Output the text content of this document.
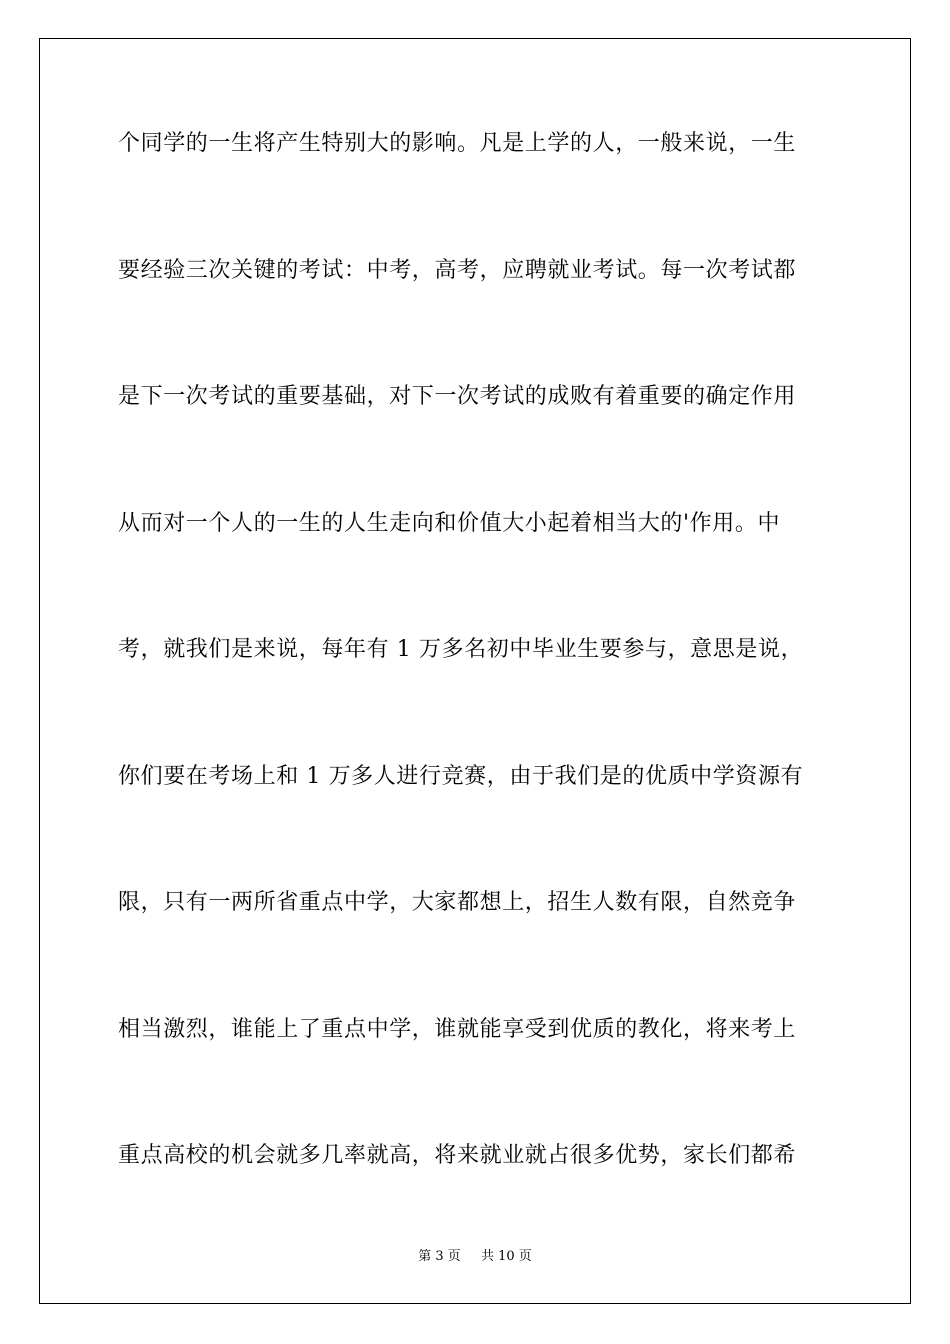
个同学的一生将产生特别大的影响。凡是上学的人，一般来说，一生
要经验三次关键的考试：中考，高考，应聘就业考试。每一次考试都
是下一次考试的重要基础，对下一次考试的成败有着重要的确定作用
从而对一个人的一生的人生走向和价值大小起着相当大的'作用。中
考，就我们是来说，每年有 1 万多名初中毕业生要参与，意思是说，
你们要在考场上和 1 万多人进行竞赛，由于我们是的优质中学资源有
限，只有一两所省重点中学，大家都想上，招生人数有限，自然竞争
相当激烈，谁能上了重点中学，谁就能享受到优质的教化，将来考上
重点高校的机会就多几率就高，将来就业就占很多优势，家长们都希
第 3 页 共 10 页
